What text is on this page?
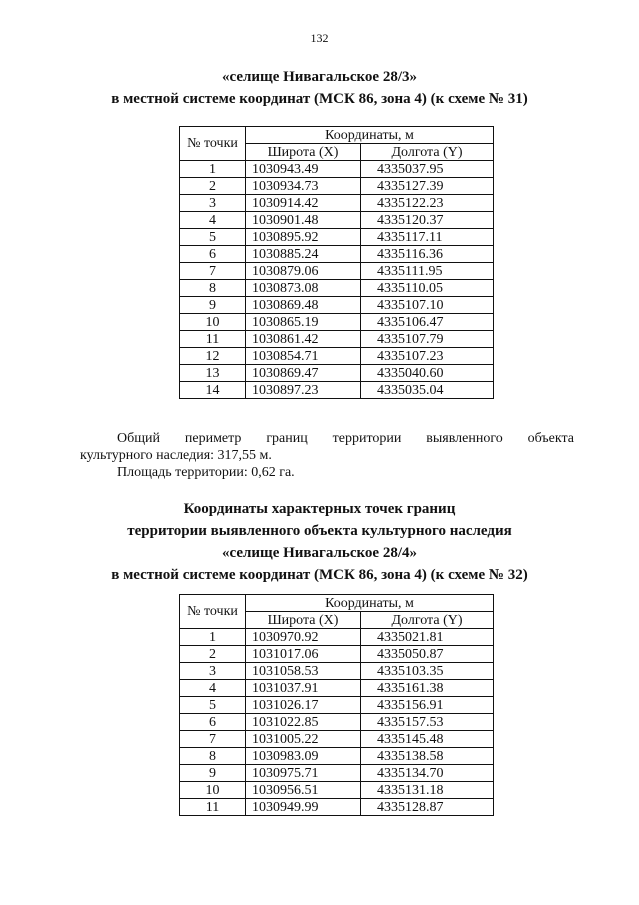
132
«селище Нивагальское 28/3»
в местной системе координат (МСК 86, зона 4) (к схеме № 31)
№ точки	Координаты, м	
	Широта (X)	Долгота (Y)
1	1030943.49	4335037.95
2	1030934.73	4335127.39
3	1030914.42	4335122.23
4	1030901.48	4335120.37
5	1030895.92	4335117.11
6	1030885.24	4335116.36
7	1030879.06	4335111.95
8	1030873.08	4335110.05
9	1030869.48	4335107.10
10	1030865.19	4335106.47
11	1030861.42	4335107.79
12	1030854.71	4335107.23
13	1030869.47	4335040.60
14	1030897.23	4335035.04
Общий периметр границ территории выявленного объекта
культурного наследия: 317,55 м.
Площадь территории: 0,62 га.
Координаты характерных точек границ
территории выявленного объекта культурного наследия
«селище Нивагальское 28/4»
в местной системе координат (МСК 86, зона 4) (к схеме № 32)
№ точки	Координаты, м	
	Широта (X)	Долгота (Y)
1	1030970.92	4335021.81
2	1031017.06	4335050.87
3	1031058.53	4335103.35
4	1031037.91	4335161.38
5	1031026.17	4335156.91
6	1031022.85	4335157.53
7	1031005.22	4335145.48
8	1030983.09	4335138.58
9	1030975.71	4335134.70
10	1030956.51	4335131.18
11	1030949.99	4335128.87
